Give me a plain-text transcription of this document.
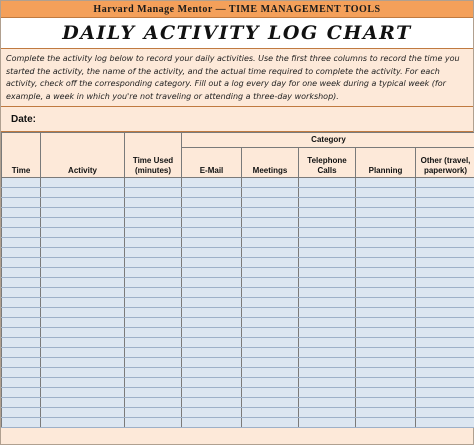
Harvard Manage Mentor — TIME MANAGEMENT TOOLS
DAILY ACTIVITY LOG CHART
Complete the activity log below to record your daily activities. Use the first three columns to record the time you started the activity, the name of the activity, and the actual time required to complete the activity. For each activity, check off the corresponding category. Fill out a log every day for one week during a typical week (for example, a week in which you're not traveling or attending a three-day workshop).
Date:
Time	Activity	Time Used (minutes)	Category				
			E-Mail	Meetings	Telephone Calls	Planning	Other (travel, paperwork)
